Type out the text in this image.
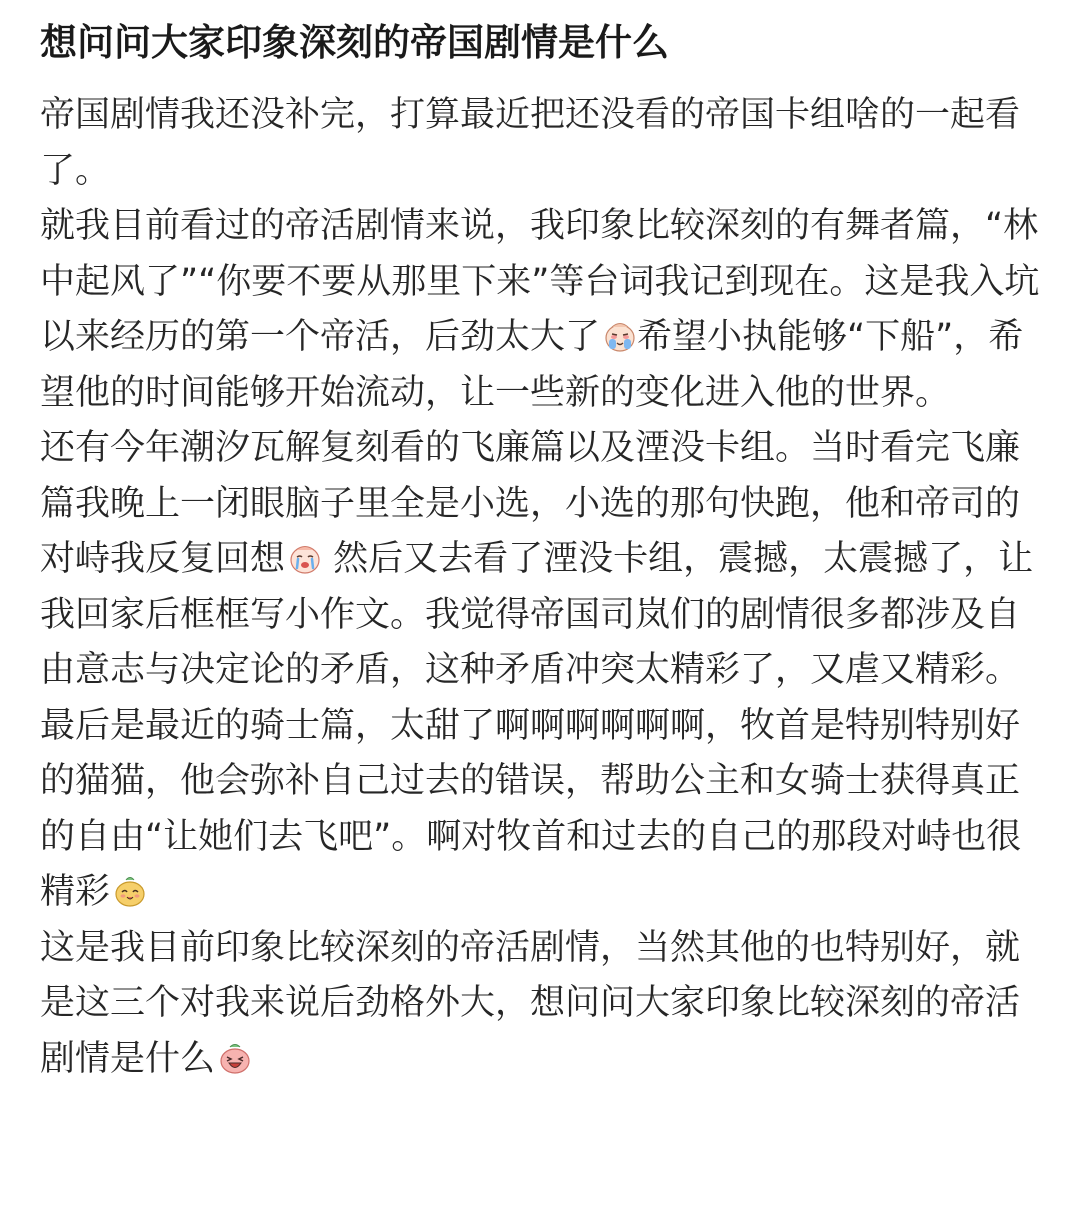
想问问大家印象深刻的帝国剧情是什么

帝国剧情我还没补完，打算最近把还没看的帝国卡组啥的一起看了。

就我目前看过的帝活剧情来说，我印象比较深刻的有舞者篇，“林中起风了”“你要不要从那里下来”等台词我记到现在。这是我入坑以来经历的第一个帝活，后劲太大了 希望小执能够“下船”，希望他的时间能够开始流动，让一些新的变化进入他的世界。

还有今年潮汐瓦解复刻看的飞廉篇以及湮没卡组。当时看完飞廉篇我晚上一闭眼脑子里全是小选，小选的那句快跑，他和帝司的对峙我反复回想
然后又去看了湮没卡组，震撼，太震撼了，让我回家后框框写小作文。我觉得帝国司岚们的剧情很多都涉及自由意志与决定论的矛盾，这种矛盾冲突太精彩了，又虐又精彩。

最后是最近的骑士篇，太甜了啊啊啊啊啊啊，牧首是特别特别好的猫猫，他会弥补自己过去的错误，帮助公主和女骑士获得真正的自由“让她们去飞吧”。啊对牧首和过去的自己的那段对峙也很精彩

这是我目前印象比较深刻的帝活剧情，当然其他的也特别好，就是这三个对我来说后劲格外大，想问问大家印象比较深刻的帝活剧情是什么
